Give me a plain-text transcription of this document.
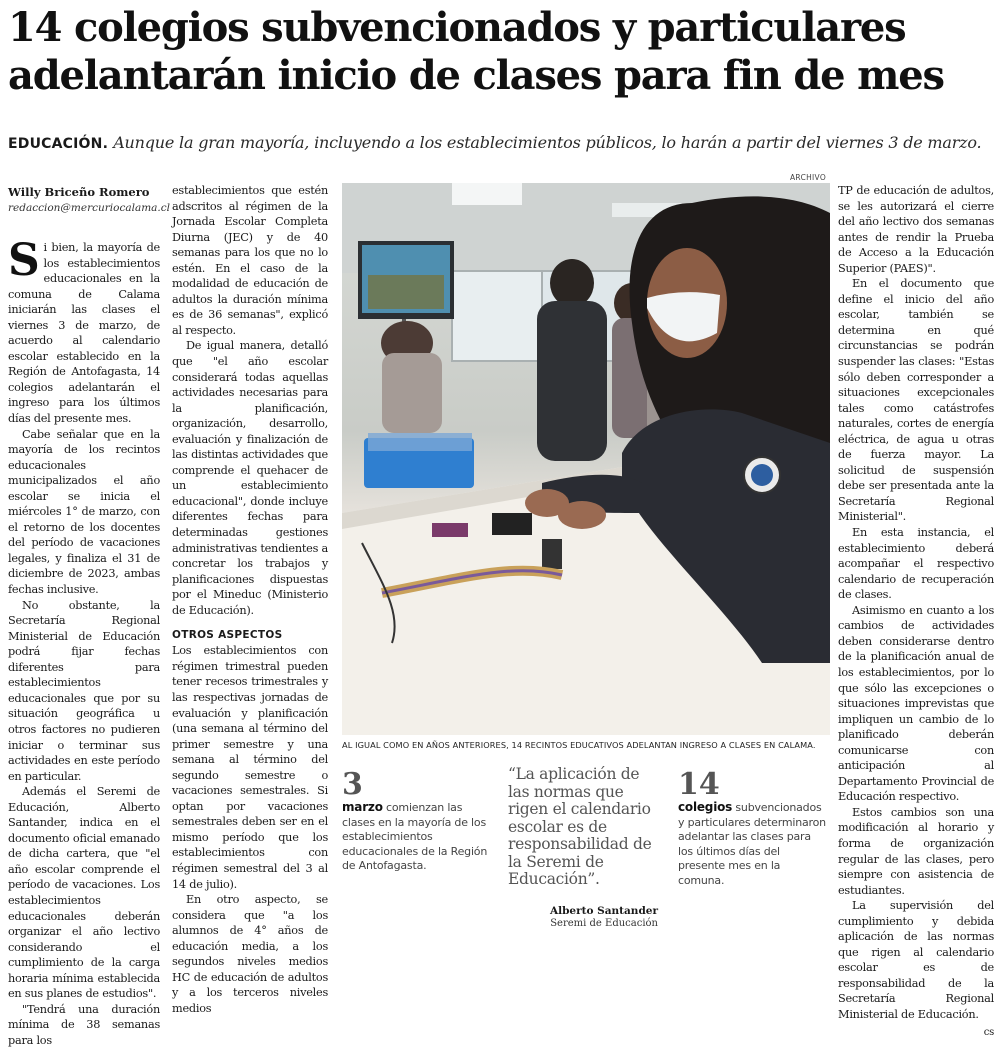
14 colegios subvencionados y particulares
adelantarán inicio de clases para fin de mes
EDUCACIÓN. Aunque la gran mayoría, incluyendo a los establecimientos públicos, lo harán a partir del viernes 3 de marzo.
Willy Briceño Romero
redaccion@mercuriocalama.cl

Si bien, la mayoría de los establecimientos educacionales en la comuna de Calama iniciarán las clases el viernes 3 de marzo, de acuerdo al calendario escolar establecido en la Región de Antofagasta, 14 colegios adelantarán el ingreso para los últimos días del presente mes.

Cabe señalar que en la mayoría de los recintos educacionales municipalizados el año escolar se inicia el miércoles 1° de marzo, con el retorno de los docentes del período de vacaciones legales, y finaliza el 31 de diciembre de 2023, ambas fechas inclusive.

No obstante, la Secretaría Regional Ministerial de Educación podrá fijar fechas diferentes para establecimientos educacionales que por su situación geográfica u otros factores no pudieren iniciar o terminar sus actividades en este período en particular.

Además el Seremi de Educación, Alberto Santander, indica en el documento oficial emanado de dicha cartera, que "el año escolar comprende el período de vacaciones. Los establecimientos educacionales deberán organizar el año lectivo considerando el cumplimiento de la carga horaria mínima establecida en sus planes de estudios".

"Tendrá una duración mínima de 38 semanas para los

establecimientos que estén adscritos al régimen de la Jornada Escolar Completa Diurna (JEC) y de 40 semanas para los que no lo estén. En el caso de la modalidad de educación de adultos la duración mínima es de 36 semanas", explicó al respecto.

De igual manera, detalló que "el año escolar considerará todas aquellas actividades necesarias para la planificación, organización, desarrollo, evaluación y finalización de las distintas actividades que comprende el quehacer de un establecimiento educacional", donde incluye diferentes fechas para determinadas gestiones administrativas tendientes a concretar los trabajos y planificaciones dispuestas por el Mineduc (Ministerio de Educación).

OTROS ASPECTOS

Los establecimientos con régimen trimestral pueden tener recesos trimestrales y las respectivas jornadas de evaluación y planificación (una semana al término del primer semestre y una semana al término del segundo semestre o vacaciones semestrales. Si optan por vacaciones semestrales deben ser en el mismo período que los establecimientos con régimen semestral del 3 al 14 de julio).

En otro aspecto, se considera que "a los alumnos de 4° años de educación media, a los segundos niveles medios HC de educación de adultos y a los terceros niveles medios

ARCHIVO
AL IGUAL COMO EN AÑOS ANTERIORES, 14 RECINTOS EDUCATIVOS ADELANTAN INGRESO A CLASES EN CALAMA.
3
marzo comienzan las clases en la mayoría de los establecimientos educacionales de la Región de Antofagasta.
“La aplicación de las normas que rigen el calendario escolar es de responsabilidad de la Seremi de Educación”.
Alberto Santander
Seremi de Educación
14
colegios subvencionados y particulares determinaron adelantar las clases para los últimos días del presente mes en la comuna.

TP de educación de adultos, se les autorizará el cierre del año lectivo dos semanas antes de rendir la Prueba de Acceso a la Educación Superior (PAES)".

En el documento que define el inicio del año escolar, también se determina en qué circunstancias se podrán suspender las clases: "Estas sólo deben corresponder a situaciones excepcionales tales como catástrofes naturales, cortes de energía eléctrica, de agua u otras de fuerza mayor. La solicitud de suspensión debe ser presentada ante la Secretaría Regional Ministerial".

En esta instancia, el establecimiento deberá acompañar el respectivo calendario de recuperación de clases.

Asimismo en cuanto a los cambios de actividades deben considerarse dentro de la planificación anual de los establecimientos, por lo que sólo las excepciones o situaciones imprevistas que impliquen un cambio de lo planificado deberán comunicarse con anticipación al Departamento Provincial de Educación respectivo.

Estos cambios son una modificación al horario y forma de organización regular de las clases, pero siempre con asistencia de estudiantes.

La supervisión del cumplimiento y debida aplicación de las normas que rigen al calendario escolar es de responsabilidad de la Secretaría Regional Ministerial de Educación.

cs
